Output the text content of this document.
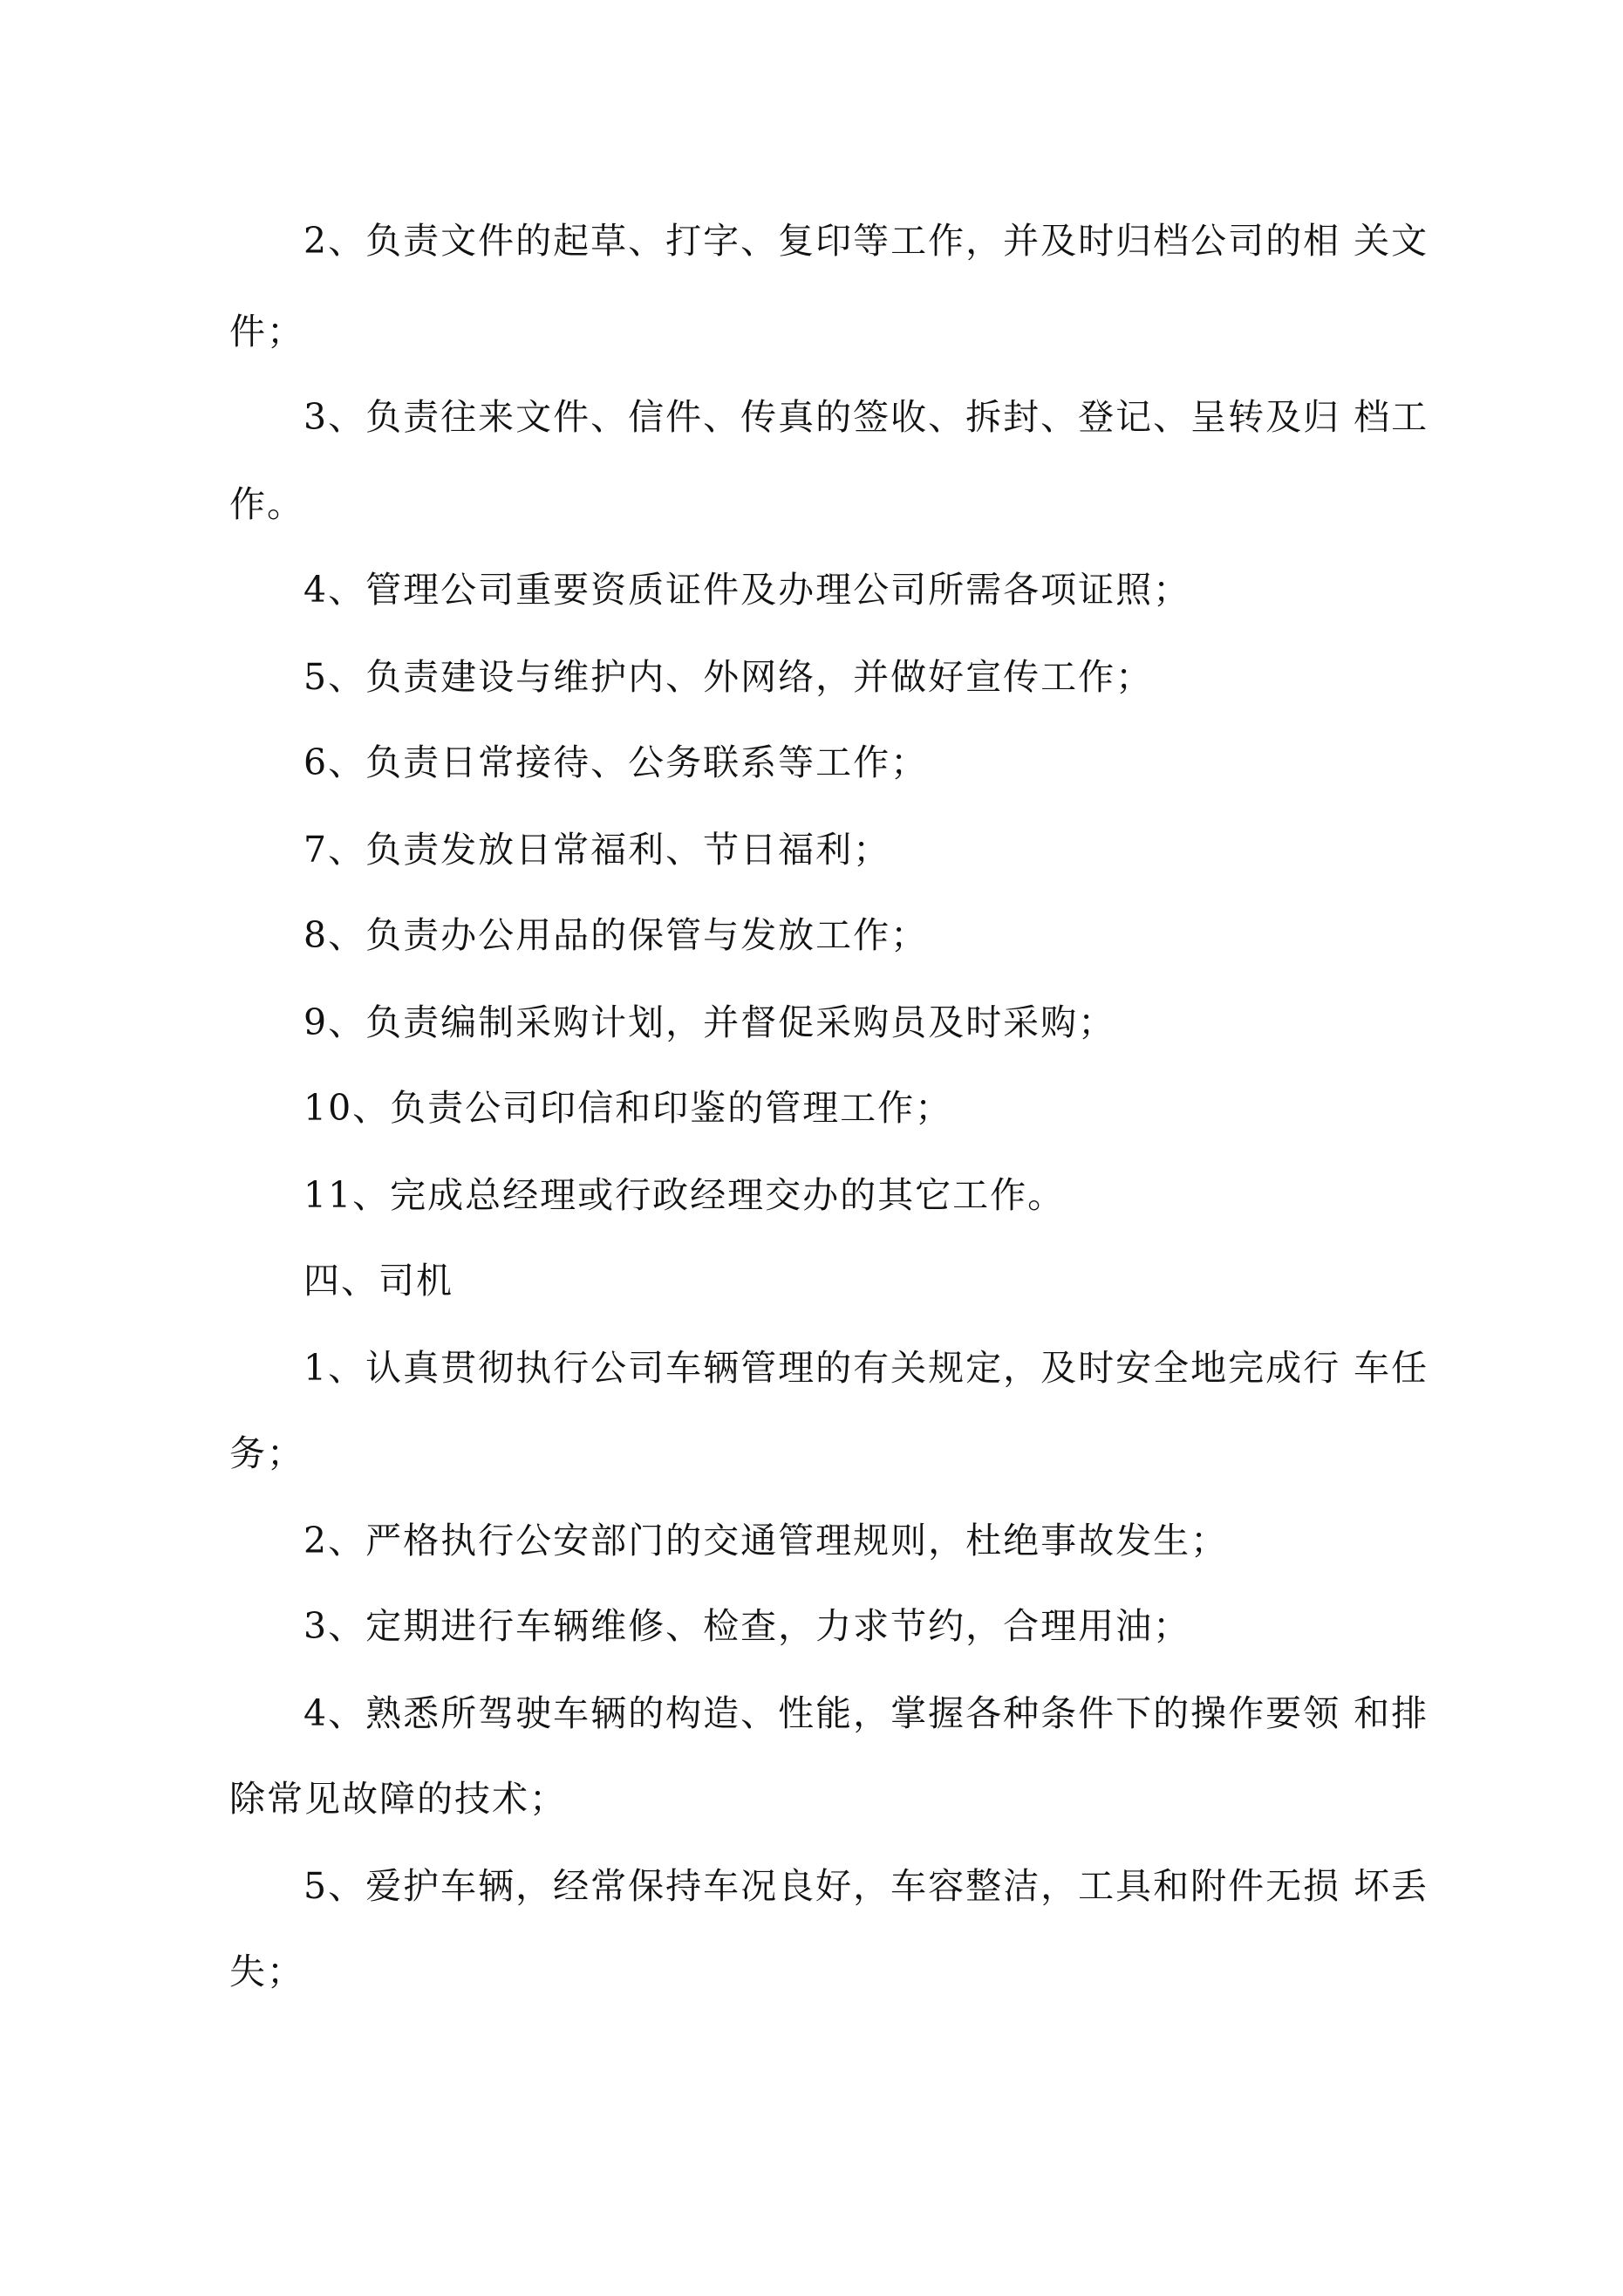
2、负责文件的起草、打字、复印等工作，并及时归档公司的相 关文
件；
3、负责往来文件、信件、传真的签收、拆封、登记、呈转及归 档工
作。
4、管理公司重要资质证件及办理公司所需各项证照；
5、负责建设与维护内、外网络，并做好宣传工作；
6、负责日常接待、公务联系等工作；
7、负责发放日常福利、节日福利；
8、负责办公用品的保管与发放工作；
9、负责编制采购计划，并督促采购员及时采购；
10、负责公司印信和印鉴的管理工作；
11、完成总经理或行政经理交办的其它工作。
四、司机
1、认真贯彻执行公司车辆管理的有关规定，及时安全地完成行 车任
务；
2、严格执行公安部门的交通管理规则，杜绝事故发生；
3、定期进行车辆维修、检查，力求节约，合理用油；
4、熟悉所驾驶车辆的构造、性能，掌握各种条件下的操作要领 和排
除常见故障的技术；
5、爱护车辆，经常保持车况良好，车容整洁，工具和附件无损 坏丢
失；
